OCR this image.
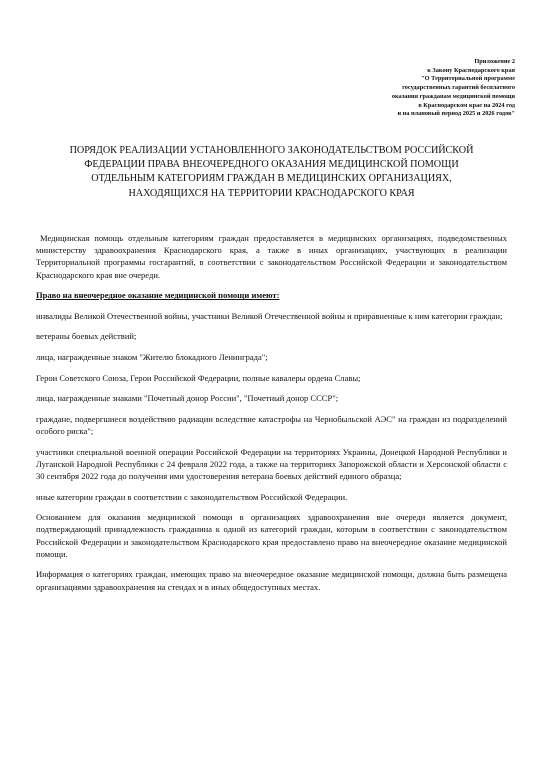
Приложение 2
к Закону Краснодарского края
"О Территориальной программе
государственных гарантий бесплатного
оказания гражданам медицинской помощи
в Краснодарском крае на 2024 год
и на плановый период 2025 и 2026 годов"
ПОРЯДОК РЕАЛИЗАЦИИ УСТАНОВЛЕННОГО ЗАКОНОДАТЕЛЬСТВОМ РОССИЙСКОЙ
ФЕДЕРАЦИИ ПРАВА ВНЕОЧЕРЕДНОГО ОКАЗАНИЯ МЕДИЦИНСКОЙ ПОМОЩИ
ОТДЕЛЬНЫМ КАТЕГОРИЯМ ГРАЖДАН В МЕДИЦИНСКИХ ОРГАНИЗАЦИЯХ,
НАХОДЯЩИХСЯ НА ТЕРРИТОРИИ КРАСНОДАРСКОГО КРАЯ

Медицинская помощь отдельным категориям граждан предоставляется в медицинских организациях, подведомственных министерству здравоохранения Краснодарского края, а также в иных организациях, участвующих в реализации Территориальной программы госгарантий, в соответствии с законодательством Российской Федерации и законодательством Краснодарского края вне очереди.

Право на внеочередное оказание медицинской помощи имеют:

инвалиды Великой Отечественной войны, участники Великой Отечественной войны и приравненные к ним категории граждан;

ветераны боевых действий;

лица, награжденные знаком "Жителю блокадного Ленинграда";

Герои Советского Союза, Герои Российской Федерации, полные кавалеры ордена Славы;

лица, награжденные знаками "Почетный донор России", "Почетный донор СССР";

граждане, подвергшиеся воздействию радиации вследствие катастрофы на Чернобыльской АЭС" на граждан из подразделений особого риска";

участники специальной военной операции Российской Федерации на территориях Украины, Донецкой Народной Республики и Луганской Народной Республики с 24 февраля 2022 года, а также на территориях Запорожской области и Херсонской области с 30 сентября 2022 года до получения ими удостоверения ветерана боевых действий единого образца;

иные категории граждан в соответствии с законодательством Российской Федерации.

Основанием для оказания медицинской помощи в организациях здравоохранения вне очереди является документ, подтверждающий принадлежность гражданина к одной из категорий граждан, которым в соответствии с законодательством Российской Федерации и законодательством Краснодарского края предоставлено право на внеочередное оказание медицинской помощи.

Информация о категориях граждан, имеющих право на внеочередное оказание медицинской помощи, должна быть размещена организациями здравоохранения на стендах и в иных общедоступных местах.
